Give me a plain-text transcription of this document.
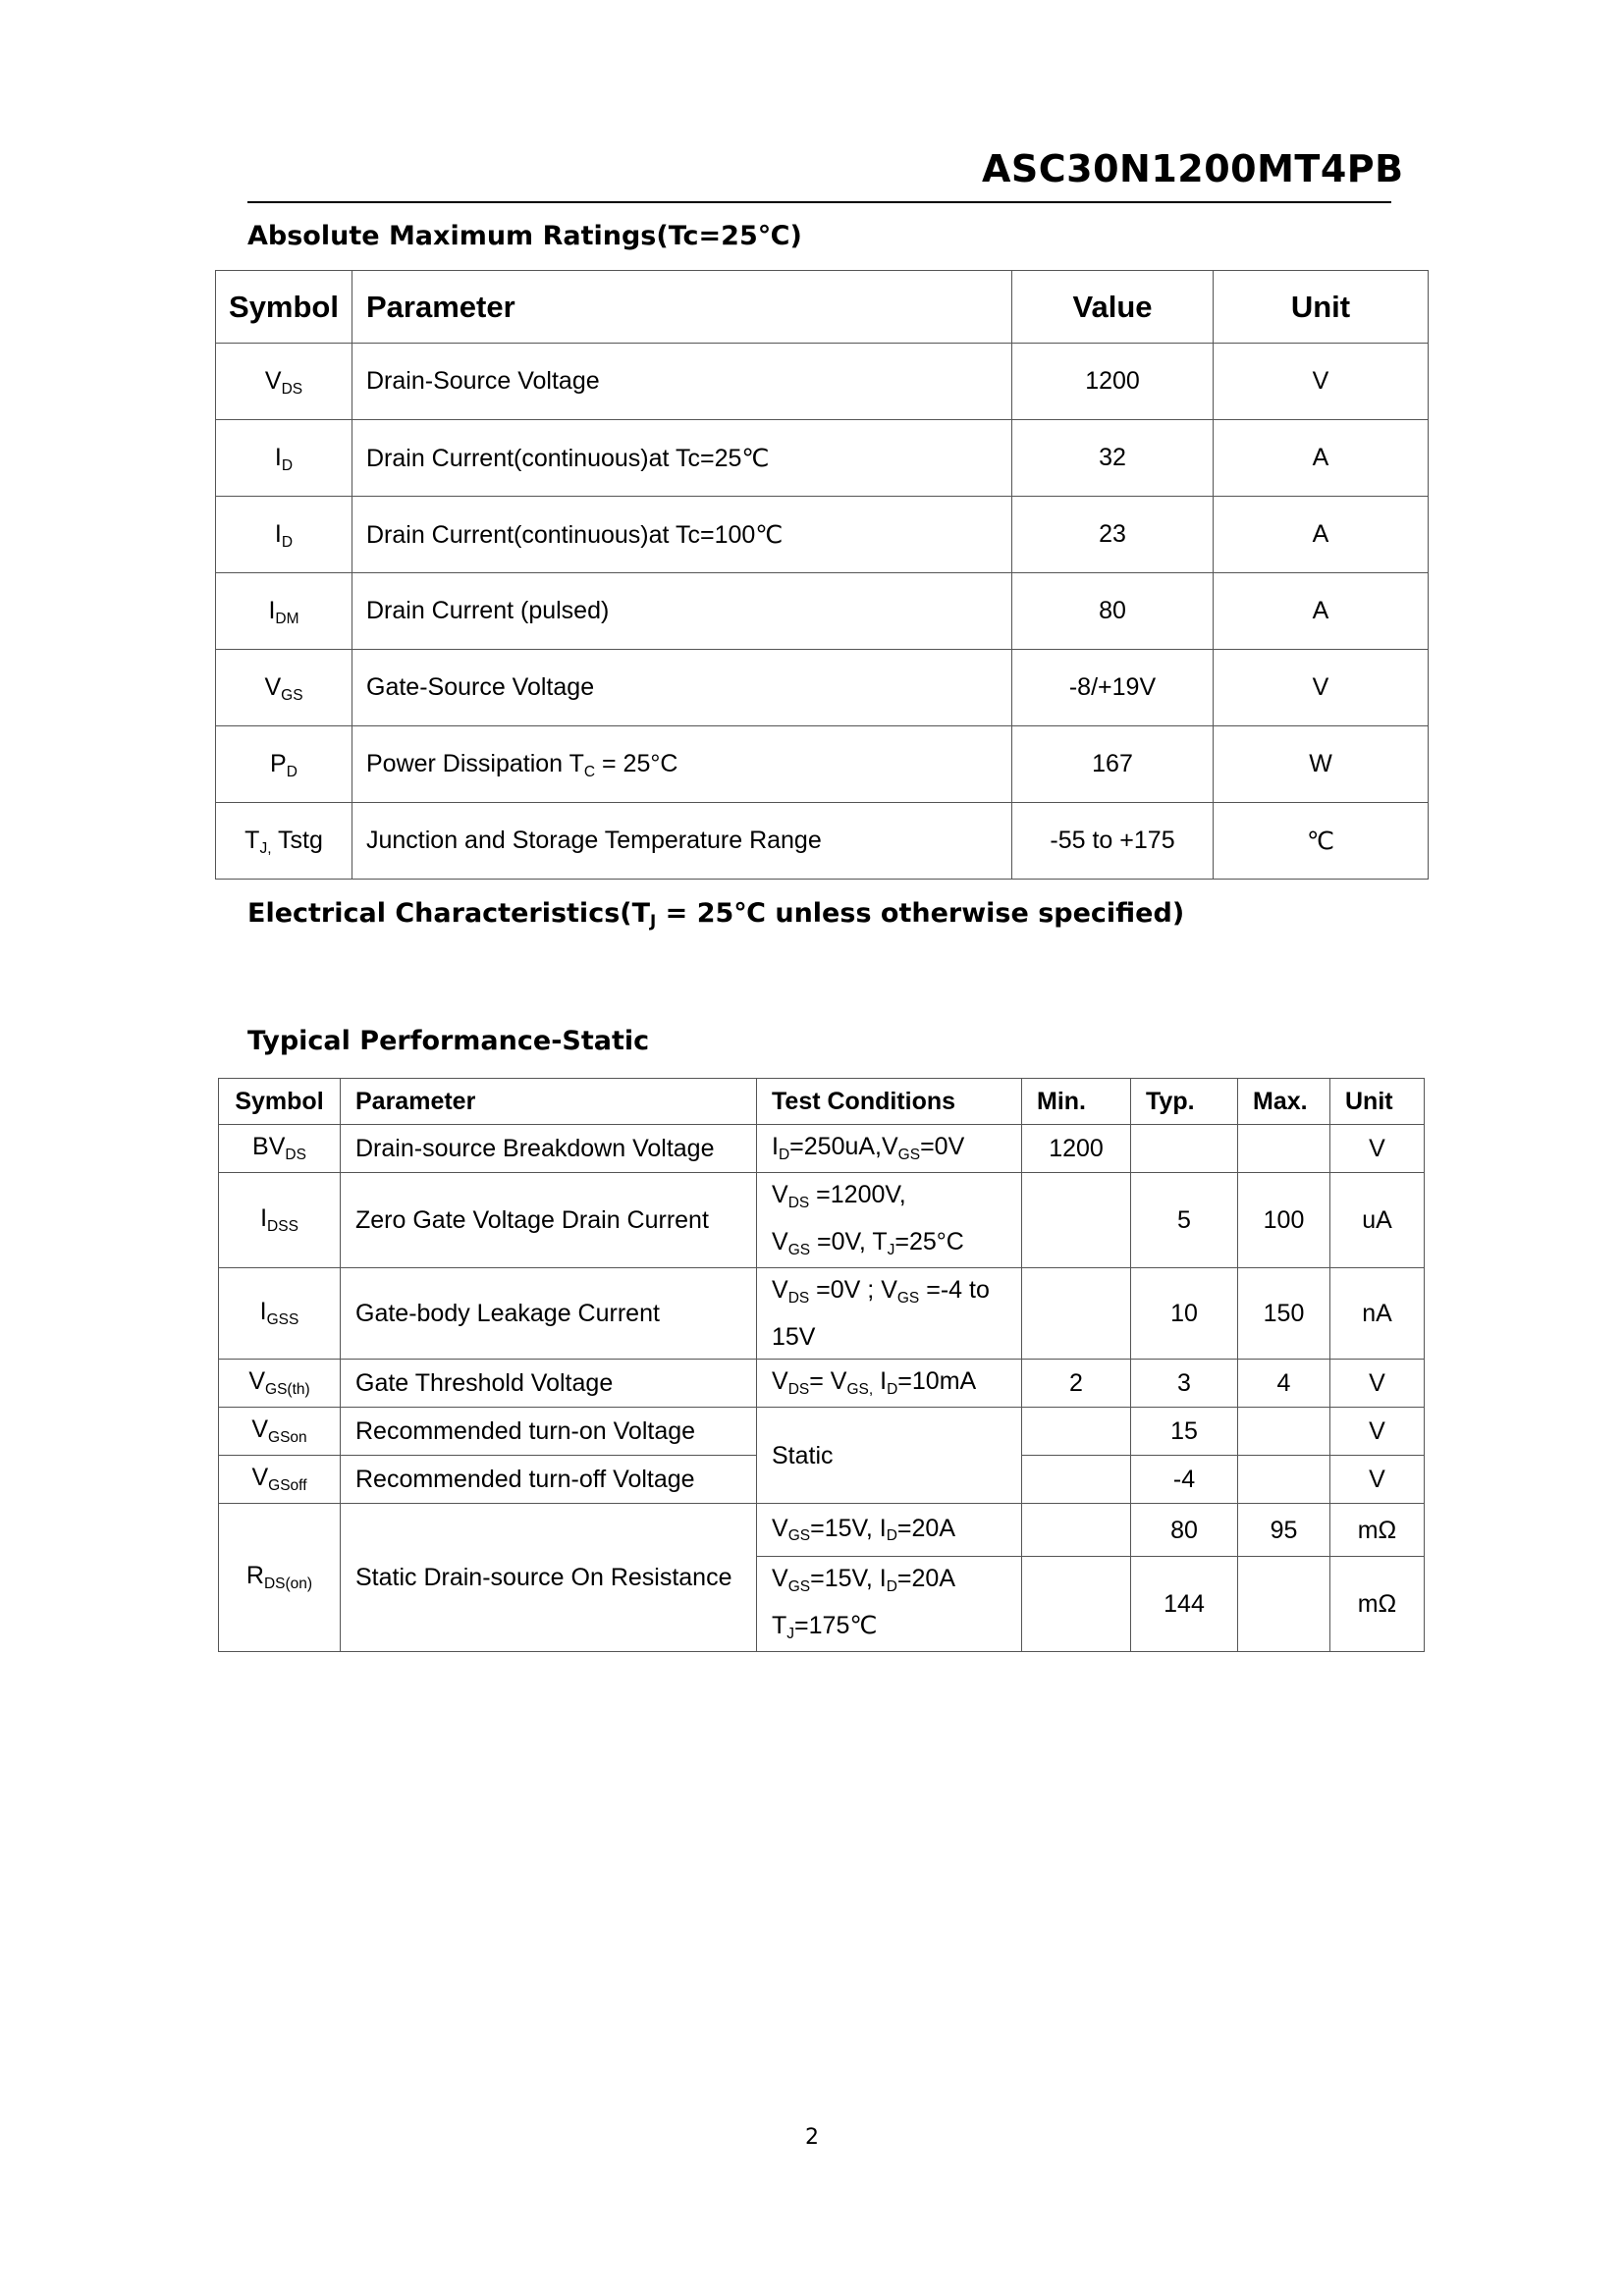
ASC30N1200MT4PB
Absolute Maximum Ratings(Tc=25℃)
Symbol	Parameter	Value	Unit
$V_{DS}$	Drain-Source Voltage	1200	V
$I_D$	Drain Current(continuous)at Tc=25℃	32	A
$I_D$	Drain Current(continuous)at Tc=100℃	23	A
$I_{DM}$	Drain Current (pulsed)	80	A
$V_{GS}$	Gate-Source Voltage	-8/+19V	V
$P_D$	Power Dissipation $T_C = 25^\circ C$	167	W
$T_{J,}$ Tstg	Junction and Storage Temperature Range	-55 to +175	℃
Electrical $Characteristics(T_J$ = 25℃ unless otherwise specified)
Typical Performance-Static
Symbol	Parameter	Test Conditions	Min.	Typ.	Max.	Unit
$BV_{DS}$	Drain-source Breakdown Voltage	$I_D=250uA,V_{GS}=0V$	1200			V
$I_{DSS}$	Zero Gate Voltage Drain Current	$V_{DS} =1200V$,
$V_{GS} =0V$, $T_J=25^\circ C$		5	100	uA
$I_{GSS}$	Gate-body Leakage Current	$V_{DS} =0V$ ; $V_{GS} =-4$ to
15V		10	150	nA
$V_{GS(th)}$	Gate Threshold Voltage	$V_{DS}= V_{GS,}$ $I_D=10mA$	2	3	4	V
$V_{GSon}$	Recommended turn-on Voltage	Static		15		V
$V_{GSoff}$	Recommended turn-off Voltage			-4		V
$R_{DS(on)}$	Static Drain-source On Resistance	$V_{GS}=15V$, $I_D=20A$		80	95	mΩ

		$V_{GS}=15V$, $I_D=20A$
$T_J=175℃$		144		mΩ
2
